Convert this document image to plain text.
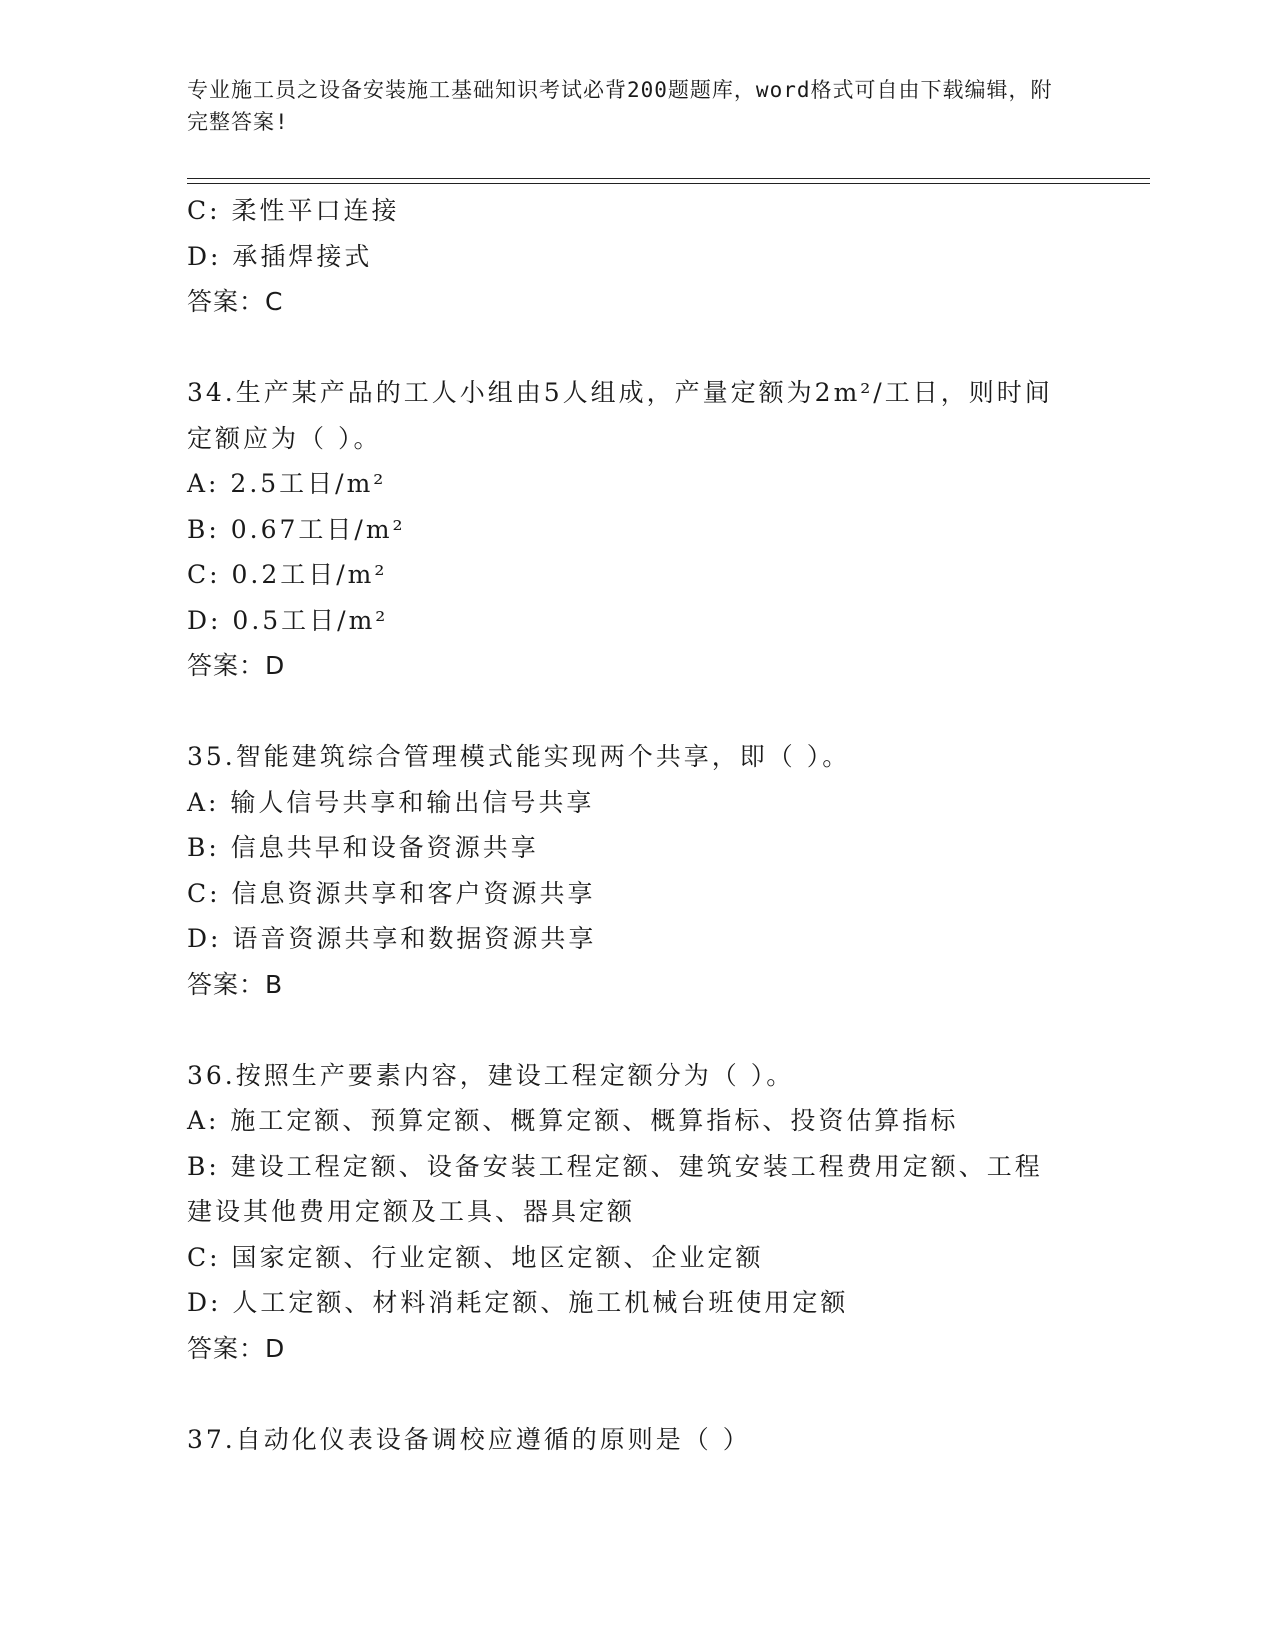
专业施工员之设备安装施工基础知识考试必背200题题库，word格式可自由下载编辑，附完整答案!
C: 柔性平口连接
D: 承插焊接式
答案：C
34.生产某产品的工人小组由5人组成，产量定额为2m²/工日，则时间
定额应为（ ）。
A: 2.5工日/m²
B: 0.67工日/m²
C: 0.2工日/m²
D: 0.5工日/m²
答案：D
35.智能建筑综合管理模式能实现两个共享，即（ ）。
A: 输人信号共享和输出信号共享
B: 信息共早和设备资源共享
C: 信息资源共享和客户资源共享
D: 语音资源共享和数据资源共享
答案：B
36.按照生产要素内容，建设工程定额分为（ ）。
A: 施工定额、预算定额、概算定额、概算指标、投资估算指标
B: 建设工程定额、设备安装工程定额、建筑安装工程费用定额、工程
建设其他费用定额及工具、器具定额
C: 国家定额、行业定额、地区定额、企业定额
D: 人工定额、材料消耗定额、施工机械台班使用定额
答案：D
37.自动化仪表设备调校应遵循的原则是（ ）
